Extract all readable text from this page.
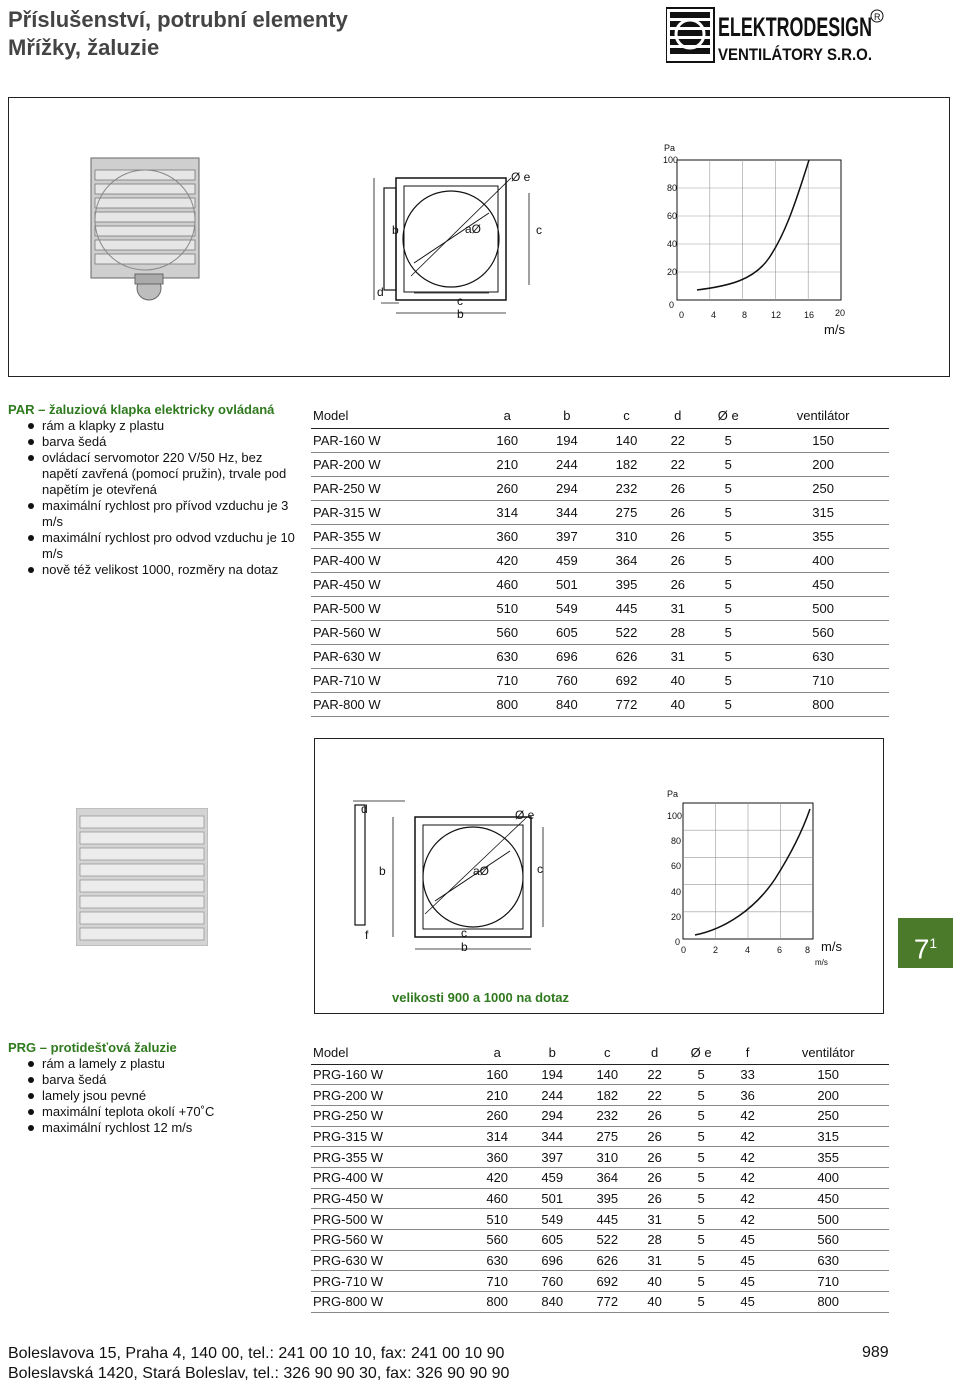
Příslušenství, potrubní elementy
Mřížky, žaluzie
ELEKTRODESIGN
VENTILÁTORY S.R.O.
R
b	c
d
aØ
Ø e
c
b
Pa
100
80
60
40
20
0
0	4	8	12	16 20
m/s
PAR – žaluziová klapka elektricky ovládaná
rám a klapky z plastu
barva šedá
ovládací servomotor 220 V/50 Hz, bez napětí zavřená (pomocí pružin), trvale pod napětím je otevřená
maximální rychlost pro přívod vzduchu je 3 m/s
maximální rychlost pro odvod vzduchu je 10 m/s
nově též velikost 1000, rozměry na dotaz
Model	a	b	c	d	Ø e	ventilátor
PAR-160 W	160	194	140	22	5	150
PAR-200 W	210	244	182	22	5	200
PAR-250 W	260	294	232	26	5	250
PAR-315 W	314	344	275	26	5	315
PAR-355 W	360	397	310	26	5	355
PAR-400 W	420	459	364	26	5	400
PAR-450 W	460	501	395	26	5	450
PAR-500 W	510	549	445	31	5	500
PAR-560 W	560	605	522	28	5	560
PAR-630 W	630	696	626	31	5	630
PAR-710 W	710	760	692	40	5	710
PAR-800 W	800	840	772	40	5	800
b	c
d
f
aØ
Ø e
c
b
Pa
100
80
60
40
20
0
0	2	4	6	8 m/s
m/s
velikosti 900 a 1000 na dotaz
$7^1$
PRG – protidešťová žaluzie
rám a lamely z plastu
barva šedá
lamely jsou pevné
maximální teplota okolí +70˚C
maximální rychlost 12 m/s
Model	a	b	c	d	Ø e	f	ventilátor
PRG-160 W	160	194	140	22	5	33	150
PRG-200 W	210	244	182	22	5	36	200
PRG-250 W	260	294	232	26	5	42	250
PRG-315 W	314	344	275	26	5	42	315
PRG-355 W	360	397	310	26	5	42	355
PRG-400 W	420	459	364	26	5	42	400
PRG-450 W	460	501	395	26	5	42	450
PRG-500 W	510	549	445	31	5	42	500
PRG-560 W	560	605	522	28	5	45	560
PRG-630 W	630	696	626	31	5	45	630
PRG-710 W	710	760	692	40	5	45	710
PRG-800 W	800	840	772	40	5	45	800
Boleslavova 15, Praha 4, 140 00, tel.: 241 00 10 10, fax: 241 00 10 90
Boleslavská 1420, Stará Boleslav, tel.: 326 90 90 30, fax: 326 90 90 90
989
